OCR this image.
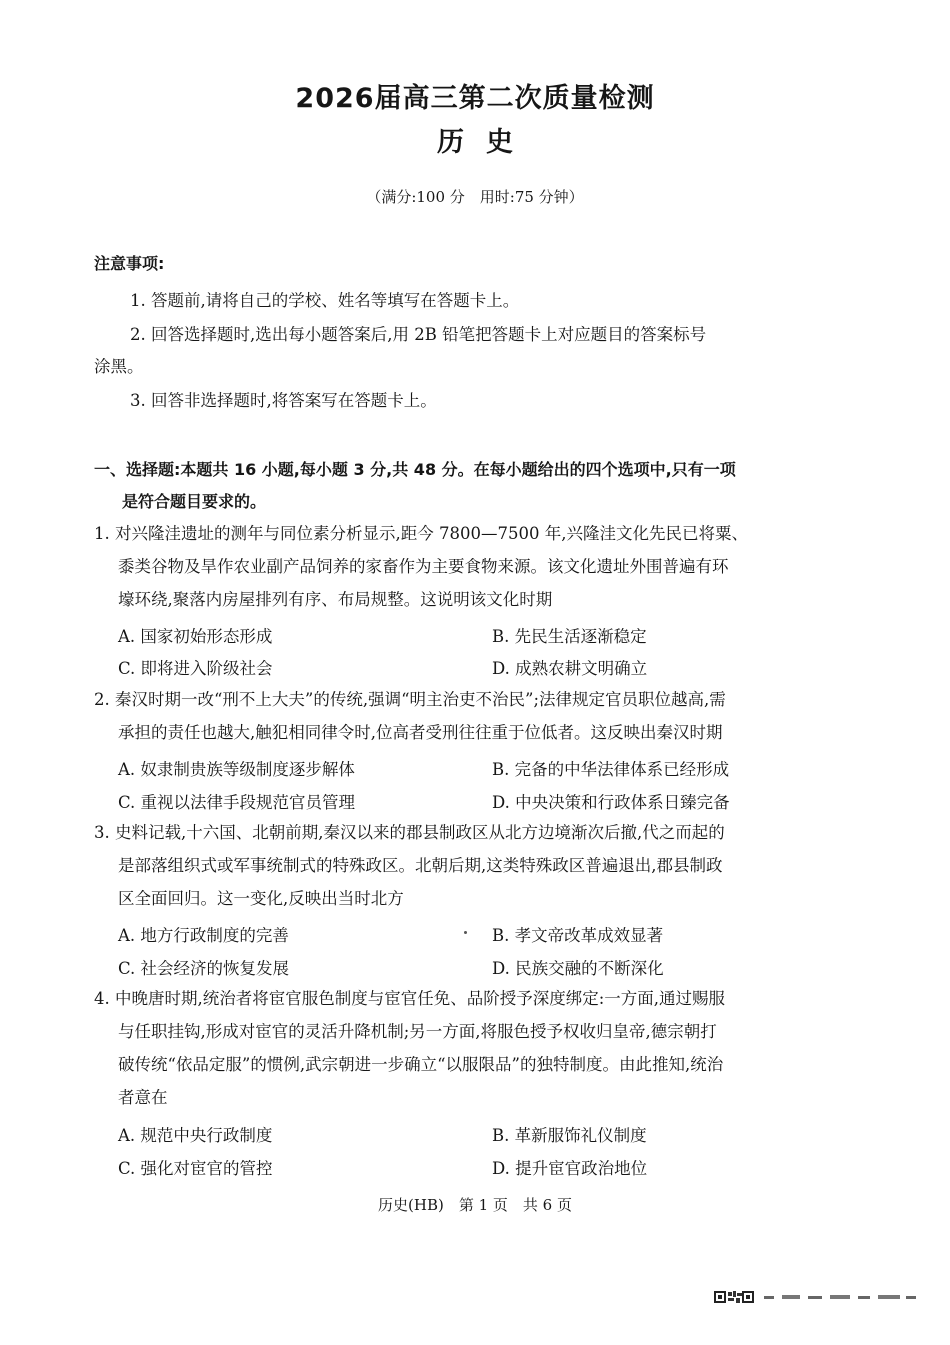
2026届高三第二次质量检测
历史
（满分:100 分　用时:75 分钟）
注意事项:
1. 答题前,请将自己的学校、姓名等填写在答题卡上。
2. 回答选择题时,选出每小题答案后,用 2B 铅笔把答题卡上对应题目的答案标号
涂黑。
3. 回答非选择题时,将答案写在答题卡上。
一、选择题:本题共 16 小题,每小题 3 分,共 48 分。在每小题给出的四个选项中,只有一项
是符合题目要求的。
1. 对兴隆洼遗址的测年与同位素分析显示,距今 7800—7500 年,兴隆洼文化先民已将粟、
黍类谷物及旱作农业副产品饲养的家畜作为主要食物来源。该文化遗址外围普遍有环
壕环绕,聚落内房屋排列有序、布局规整。这说明该文化时期
A. 国家初始形态形成	B. 先民生活逐渐稳定
C. 即将进入阶级社会	D. 成熟农耕文明确立
2. 秦汉时期一改“刑不上大夫”的传统,强调“明主治吏不治民”;法律规定官员职位越高,需
承担的责任也越大,触犯相同律令时,位高者受刑往往重于位低者。这反映出秦汉时期
A. 奴隶制贵族等级制度逐步解体	B. 完备的中华法律体系已经形成
C. 重视以法律手段规范官员管理	D. 中央决策和行政体系日臻完备
3. 史料记载,十六国、北朝前期,秦汉以来的郡县制政区从北方边境渐次后撤,代之而起的
是部落组织式或军事统制式的特殊政区。北朝后期,这类特殊政区普遍退出,郡县制政
区全面回归。这一变化,反映出当时北方
A. 地方行政制度的完善	B. 孝文帝改革成效显著
C. 社会经济的恢复发展	D. 民族交融的不断深化
4. 中晚唐时期,统治者将宦官服色制度与宦官任免、品阶授予深度绑定:一方面,通过赐服
与任职挂钩,形成对宦官的灵活升降机制;另一方面,将服色授予权收归皇帝,德宗朝打
破传统“依品定服”的惯例,武宗朝进一步确立“以服限品”的独特制度。由此推知,统治
者意在
A. 规范中央行政制度	B. 革新服饰礼仪制度
C. 强化对宦官的管控	D. 提升宦官政治地位
历史(HB)　第 1 页　共 6 页
